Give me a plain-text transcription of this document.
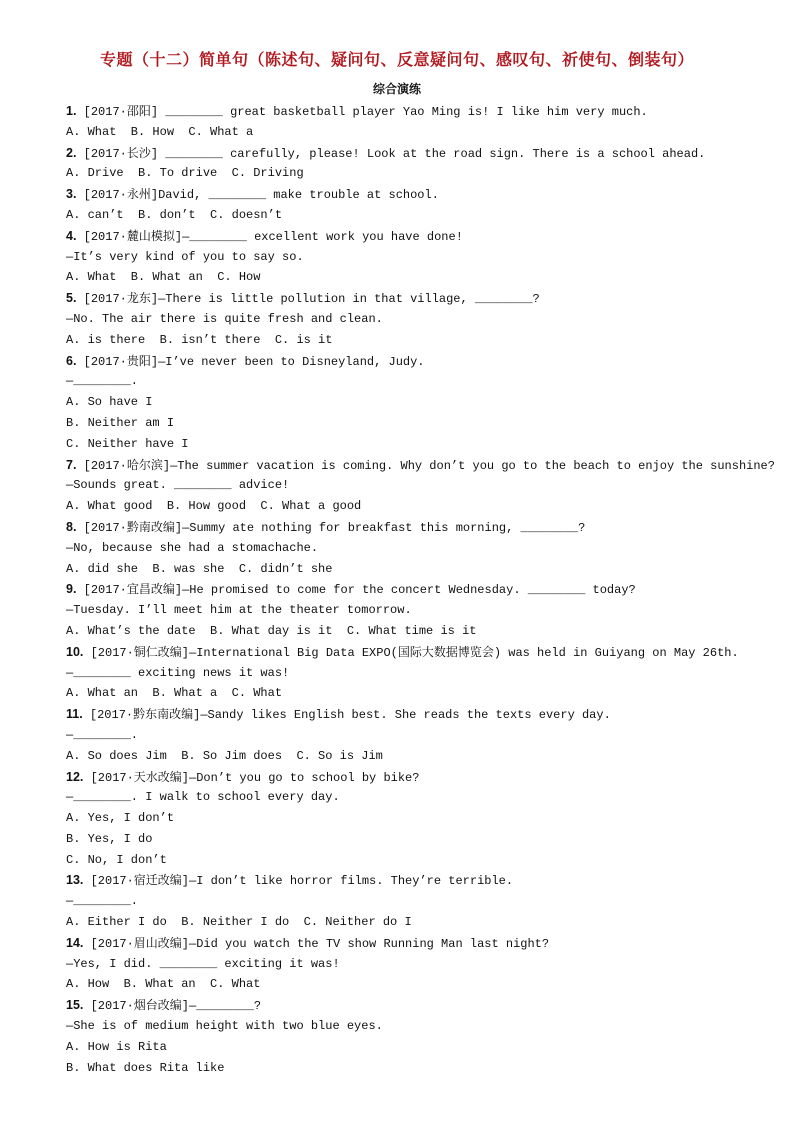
专题（十二）简单句（陈述句、疑问句、反意疑问句、感叹句、祈使句、倒装句）
综合演练
1. [2017·邵阳] ________ great basketball player Yao Ming is! I like him very much.
A. What  B. How  C. What a
2. [2017·长沙] ________ carefully, please! Look at the road sign. There is a school ahead.
A. Drive  B. To drive  C. Driving
3. [2017·永州]David, ________ make trouble at school.
A. can’t  B. don’t  C. doesn’t
4. [2017·麓山模拟]—________ excellent work you have done!
—It’s very kind of you to say so.
A. What  B. What an  C. How
5. [2017·龙东]—There is little pollution in that village, ________?
—No. The air there is quite fresh and clean.
A. is there  B. isn’t there  C. is it
6. [2017·贵阳]—I’ve never been to Disneyland, Judy.
—________.
A. So have I
B. Neither am I
C. Neither have I
7. [2017·哈尔滨]—The summer vacation is coming. Why don’t you go to the beach to enjoy the sunshine?
—Sounds great. ________ advice!
A. What good  B. How good  C. What a good
8. [2017·黔南改编]—Summy ate nothing for breakfast this morning, ________?
—No, because she had a stomachache.
A. did she  B. was she  C. didn’t she
9. [2017·宜昌改编]—He promised to come for the concert Wednesday. ________ today?
—Tuesday. I’ll meet him at the theater tomorrow.
A. What’s the date  B. What day is it  C. What time is it
10. [2017·铜仁改编]—International Big Data EXPO(国际大数据博览会) was held in Guiyang on May 26th.
—________ exciting news it was!
A. What an  B. What a  C. What
11. [2017·黔东南改编]—Sandy likes English best. She reads the texts every day.
—________.
A. So does Jim  B. So Jim does  C. So is Jim
12. [2017·天水改编]—Don’t you go to school by bike?
—________. I walk to school every day.
A. Yes, I don’t
B. Yes, I do
C. No, I don’t
13. [2017·宿迁改编]—I don’t like horror films. They’re terrible.
—________.
A. Either I do  B. Neither I do  C. Neither do I
14. [2017·眉山改编]—Did you watch the TV show Running Man last night?
—Yes, I did. ________ exciting it was!
A. How  B. What an  C. What
15. [2017·烟台改编]—________?
—She is of medium height with two blue eyes.
A. How is Rita
B. What does Rita like
